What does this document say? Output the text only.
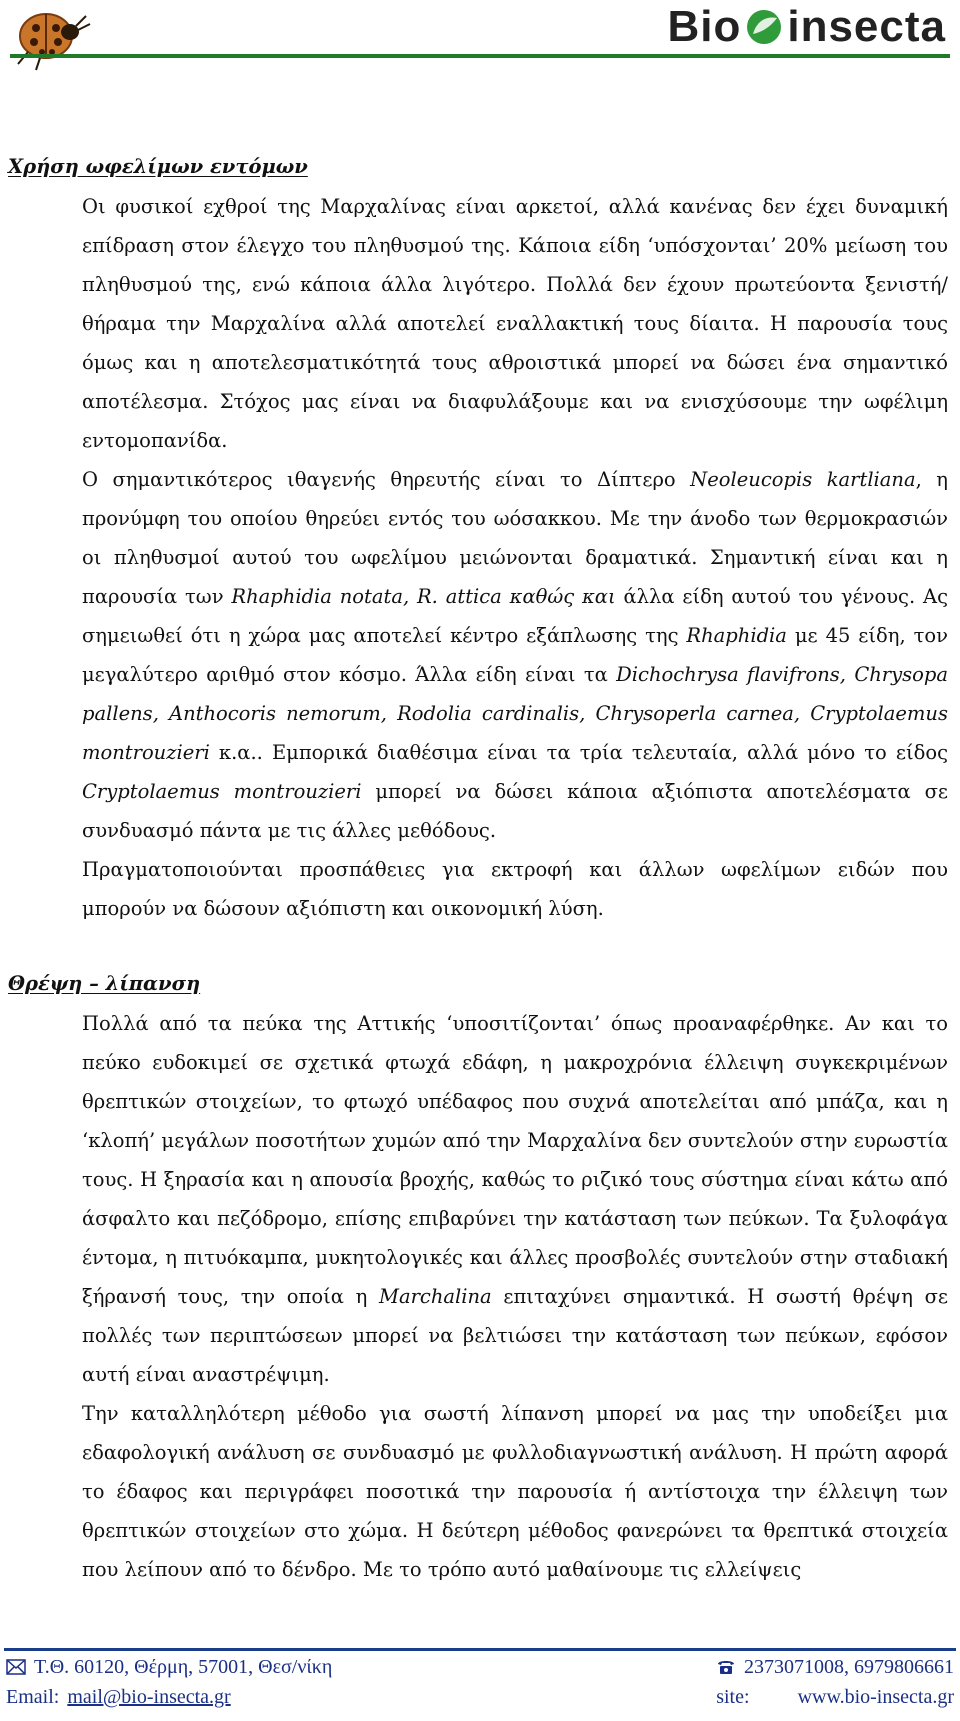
Bio insecta
Χρήση ωφελίμων εντόμων

Οι φυσικοί εχθροί της Μαρχαλίνας είναι αρκετοί, αλλά κανένας δεν έχει δυναμική επίδραση στον έλεγχο του πληθυσμού της. Κάποια είδη ‘υπόσχονται’ 20% μείωση του πληθυσμού της, ενώ κάποια άλλα λιγότερο. Πολλά δεν έχουν πρωτεύοντα ξενιστή/θήραμα την Μαρχαλίνα αλλά αποτελεί εναλλακτική τους δίαιτα. Η παρουσία τους όμως και η αποτελεσματικότητά τους αθροιστικά μπορεί να δώσει ένα σημαντικό αποτέλεσμα. Στόχος μας είναι να διαφυλάξουμε και να ενισχύσουμε την ωφέλιμη εντομοπανίδα.

Ο σημαντικότερος ιθαγενής θηρευτής είναι το Δίπτερο Neoleucopis kartliana, η προνύμφη του οποίου θηρεύει εντός του ωόσακκου. Με την άνοδο των θερμοκρασιών οι πληθυσμοί αυτού του ωφελίμου μειώνονται δραματικά. Σημαντική είναι και η παρουσία των Rhaphidia notata, R. attica καθώς και άλλα είδη αυτού του γένους. Ας σημειωθεί ότι η χώρα μας αποτελεί κέντρο εξάπλωσης της Rhaphidia με 45 είδη, τον μεγαλύτερο αριθμό στον κόσμο. Άλλα είδη είναι τα Dichochrysa flavifrons, Chrysopa pallens, Anthocoris nemorum, Rodolia cardinalis, Chrysoperla carnea, Cryptolaemus montrouzieri κ.α.. Εμπορικά διαθέσιμα είναι τα τρία τελευταία, αλλά μόνο το είδος Cryptolaemus montrouzieri μπορεί να δώσει κάποια αξιόπιστα αποτελέσματα σε συνδυασμό πάντα με τις άλλες μεθόδους.

Πραγματοποιούνται προσπάθειες για εκτροφή και άλλων ωφελίμων ειδών που μπορούν να δώσουν αξιόπιστη και οικονομική λύση.

Θρέψη – λίπανση

Πολλά από τα πεύκα της Αττικής ‘υποσιτίζονται’ όπως προαναφέρθηκε. Αν και το πεύκο ευδοκιμεί σε σχετικά φτωχά εδάφη, η μακροχρόνια έλλειψη συγκεκριμένων θρεπτικών στοιχείων, το φτωχό υπέδαφος που συχνά αποτελείται από μπάζα, και η ‘κλοπή’ μεγάλων ποσοτήτων χυμών από την Μαρχαλίνα δεν συντελούν στην ευρωστία τους. Η ξηρασία και η απουσία βροχής, καθώς το ριζικό τους σύστημα είναι κάτω από άσφαλτο και πεζόδρομο, επίσης επιβαρύνει την κατάσταση των πεύκων. Τα ξυλοφάγα έντομα, η πιτυόκαμπα, μυκητολογικές και άλλες προσβολές συντελούν στην σταδιακή ξήρανσή τους, την οποία η Marchalina επιταχύνει σημαντικά. Η σωστή θρέψη σε πολλές των περιπτώσεων μπορεί να βελτιώσει την κατάσταση των πεύκων, εφόσον αυτή είναι αναστρέψιμη.

Την καταλληλότερη μέθοδο για σωστή λίπανση μπορεί να μας την υποδείξει μια εδαφολογική ανάλυση σε συνδυασμό με φυλλοδιαγνωστική ανάλυση. Η πρώτη αφορά το έδαφος και περιγράφει ποσοτικά την παρουσία ή αντίστοιχα την έλλειψη των θρεπτικών στοιχείων στο χώμα. Η δεύτερη μέθοδος φανερώνει τα θρεπτικά στοιχεία που λείπουν από το δένδρο. Με το τρόπο αυτό μαθαίνουμε τις ελλείψεις

Τ.Θ. 60120, Θέρμη, 57001, Θεσ/νίκη	2373071008, 6979806661
Email: mail@bio-insecta.gr	site: www.bio-insecta.gr
